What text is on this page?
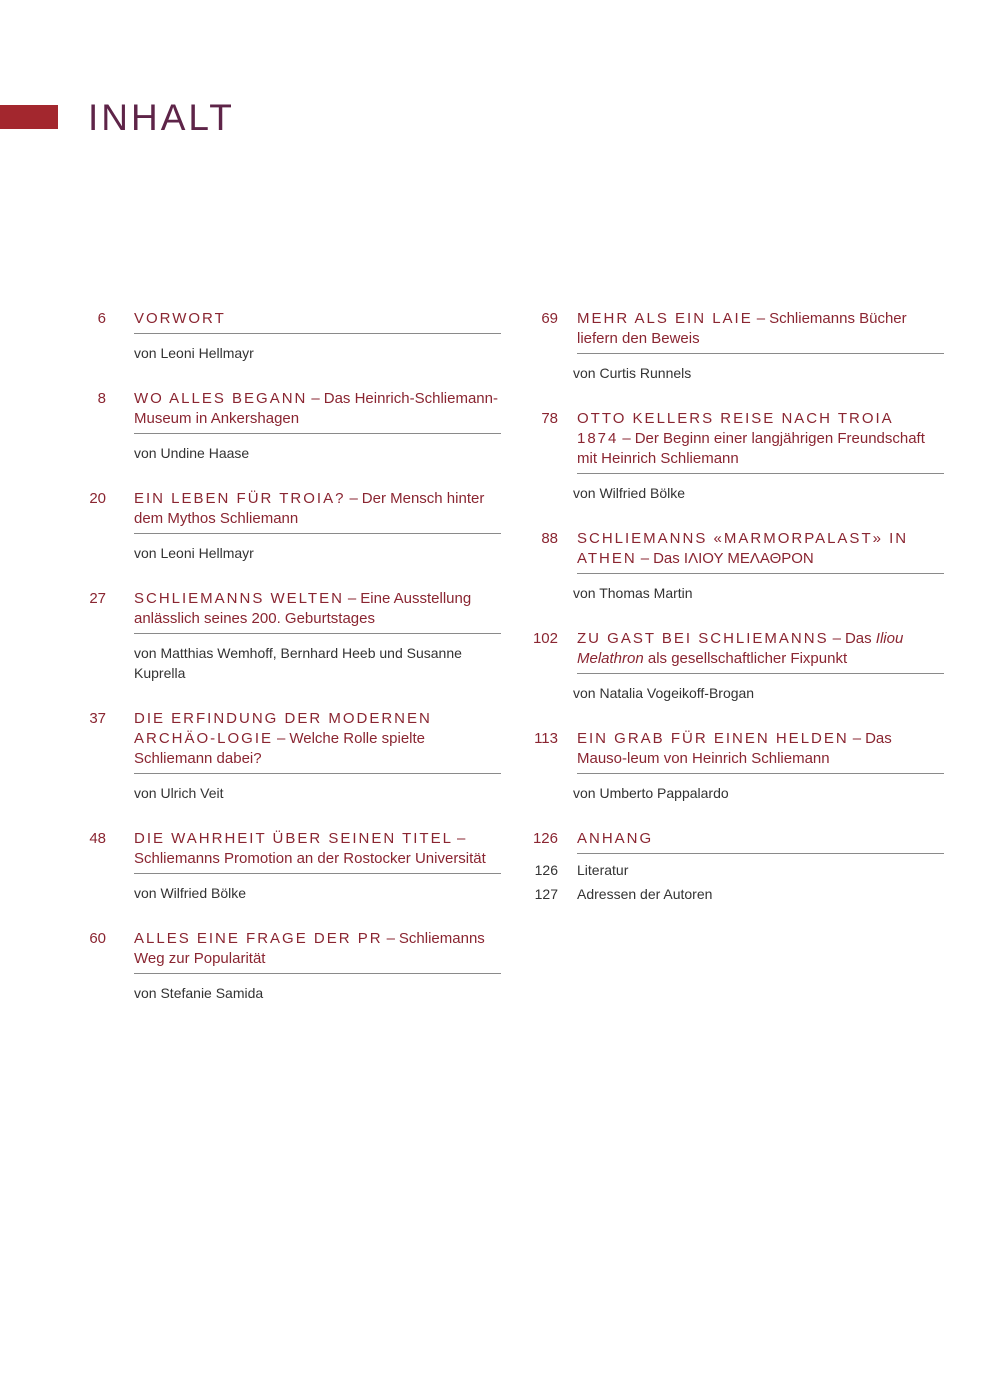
INHALT
6	VORWORT
von Leoni Hellmayr
8	WO ALLES BEGANN – Das Heinrich-Schliemann-Museum in Ankershagen
von Undine Haase
20	EIN LEBEN FÜR TROIA? – Der Mensch hinter dem Mythos Schliemann
von Leoni Hellmayr
27	SCHLIEMANNS WELTEN – Eine Ausstellung anlässlich seines 200. Geburtstages
von Matthias Wemhoff, Bernhard Heeb und Susanne Kuprella
37	DIE ERFINDUNG DER MODERNEN ARCHÄO-LOGIE – Welche Rolle spielte Schliemann dabei?
von Ulrich Veit
48	DIE WAHRHEIT ÜBER SEINEN TITEL –Schliemanns Promotion an der Rostocker Universität
von Wilfried Bölke
60	ALLES EINE FRAGE DER PR – Schliemanns Weg zur Popularität
von Stefanie Samida
69	MEHR ALS EIN LAIE – Schliemanns Bücher liefern den Beweis
von Curtis Runnels
78	OTTO KELLERS REISE NACH TROIA 1874 – Der Beginn einer langjährigen Freundschaft mit Heinrich Schliemann
von Wilfried Bölke
88	SCHLIEMANNS «MARMORPALAST» IN ATHEN – Das ΙΛΙΟΥ ΜΕΛΑΘΡΟΝ
von Thomas Martin
102	ZU GAST BEI SCHLIEMANNS – Das Iliou Melathron als gesellschaftlicher Fixpunkt
von Natalia Vogeikoff-Brogan
113	EIN GRAB FÜR EINEN HELDEN – Das Mauso-leum von Heinrich Schliemann
von Umberto Pappalardo
126	ANHANG
126	Literatur
127	Adressen der Autoren
